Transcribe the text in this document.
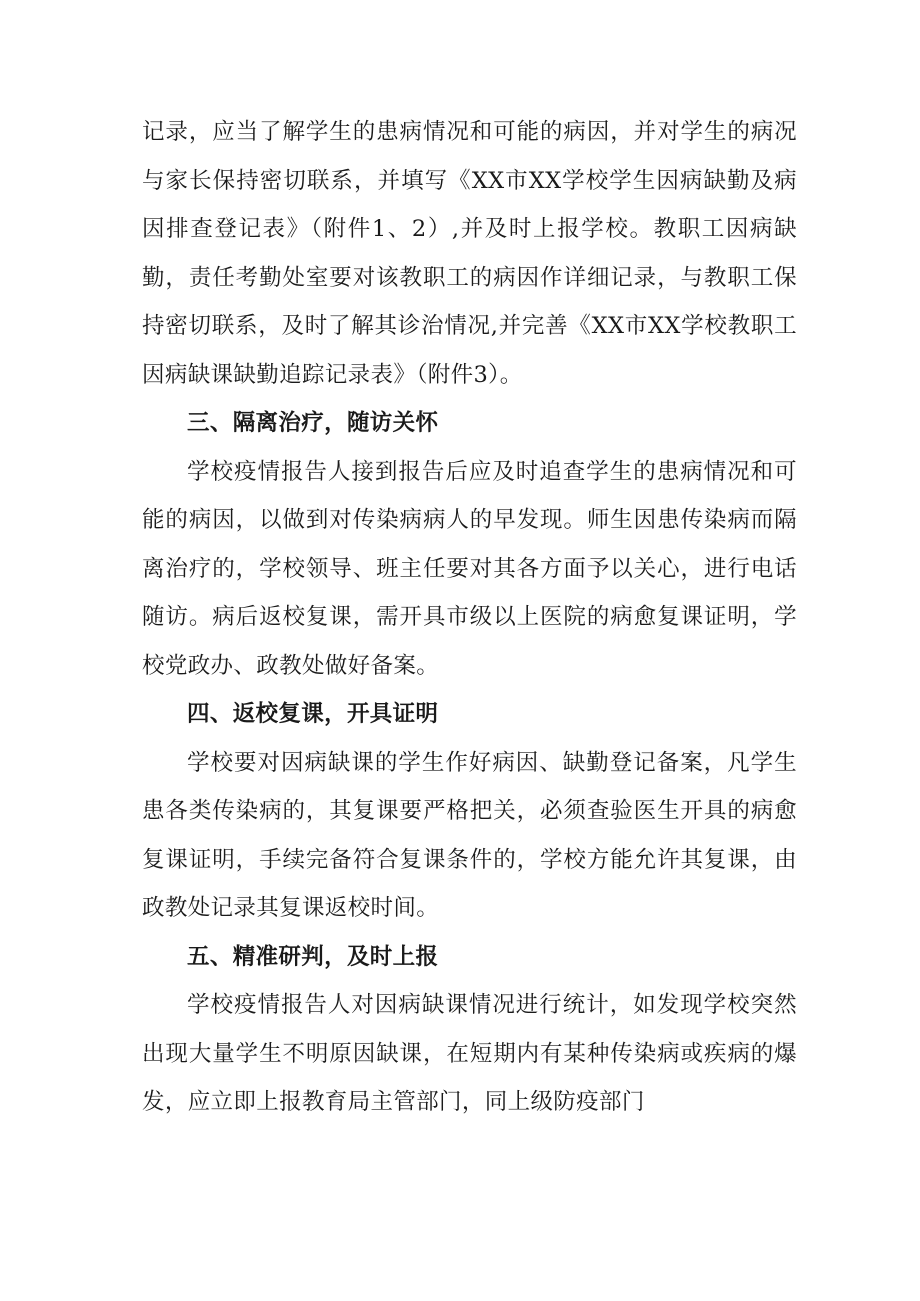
记录，应当了解学生的患病情况和可能的病因，并对学生的病况与家长保持密切联系，并填写《XX市XX学校学生因病缺勤及病因排查登记表》（附件1、2）,并及时上报学校。教职工因病缺勤，责任考勤处室要对该教职工的病因作详细记录，与教职工保持密切联系，及时了解其诊治情况,并完善《XX市XX学校教职工因病缺课缺勤追踪记录表》（附件3）。

三、隔离治疗，随访关怀

学校疫情报告人接到报告后应及时追查学生的患病情况和可能的病因，以做到对传染病病人的早发现。师生因患传染病而隔离治疗的，学校领导、班主任要对其各方面予以关心，进行电话随访。病后返校复课，需开具市级以上医院的病愈复课证明，学校党政办、政教处做好备案。

四、返校复课，开具证明

学校要对因病缺课的学生作好病因、缺勤登记备案，凡学生患各类传染病的，其复课要严格把关，必须查验医生开具的病愈复课证明，手续完备符合复课条件的，学校方能允许其复课，由政教处记录其复课返校时间。

五、精准研判，及时上报

学校疫情报告人对因病缺课情况进行统计，如发现学校突然出现大量学生不明原因缺课，在短期内有某种传染病或疾病的爆发，应立即上报教育局主管部门，同上级防疫部门
